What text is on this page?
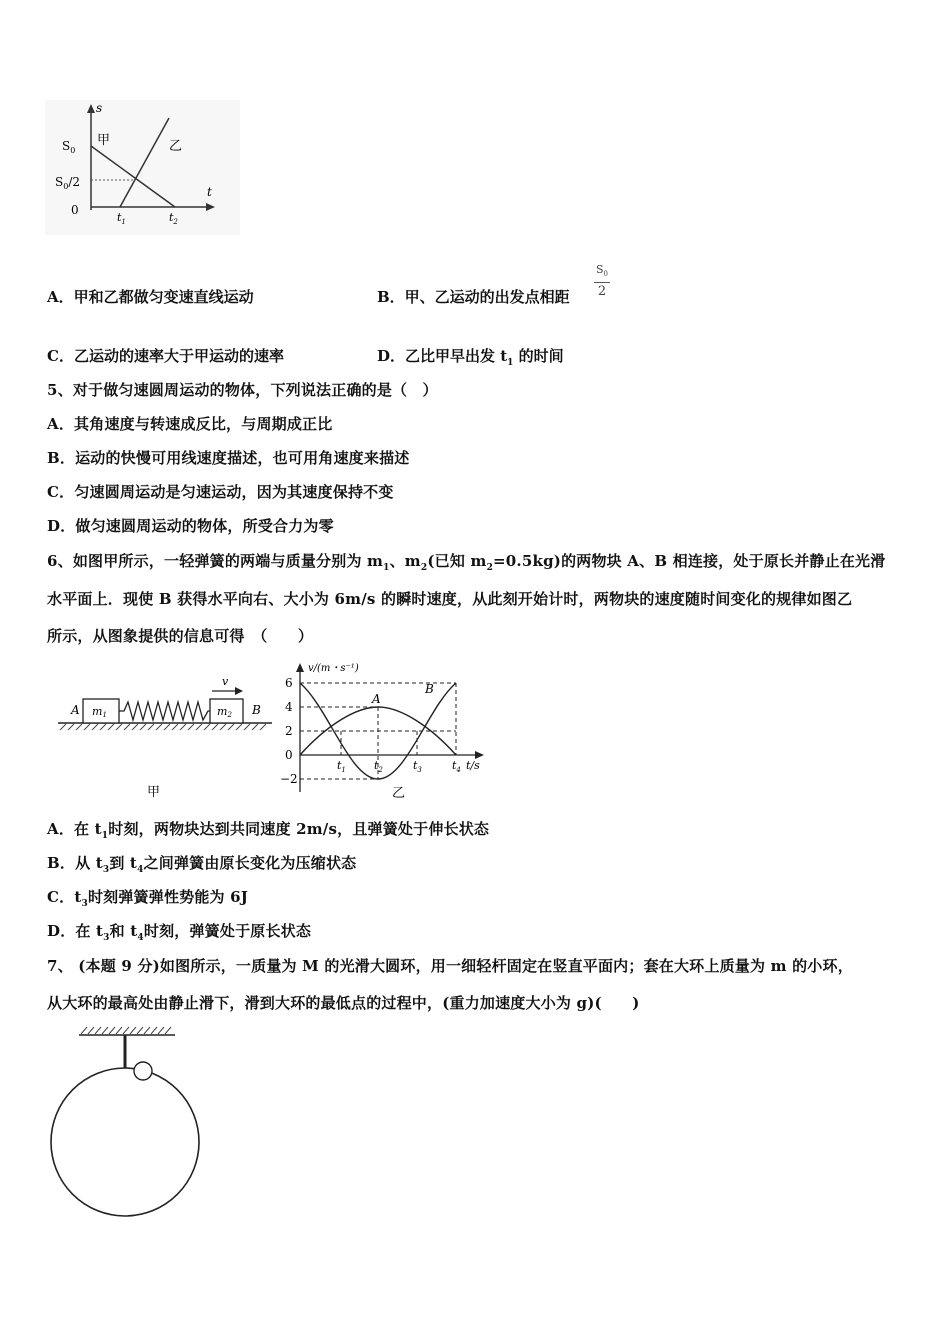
s
t
$S_0$
$S_0/2$
0
甲	乙
$t_1$	$t_2$
A．甲和乙都做匀变速直线运动	B．甲、乙运动的出发点相距
$S_0$
2
C．乙运动的速率大于甲运动的速率	D．乙比甲早出发 $t_1$ 的时间
5、对于做匀速圆周运动的物体，下列说法正确的是（　）
A．其角速度与转速成反比，与周期成正比
B．运动的快慢可用线速度描述，也可用角速度来描述
C．匀速圆周运动是匀速运动，因为其速度保持不变
D．做匀速圆周运动的物体，所受合力为零
6、如图甲所示，一轻弹簧的两端与质量分别为 $m_1$、$m_2$(已知 $m_2=0.5kg$)的两物块 A、B 相连接，处于原长并静止在光滑
水平面上．现使 B 获得水平向右、大小为 6m/s 的瞬时速度，从此刻开始计时，两物块的速度随时间变化的规律如图乙
所示，从图象提供的信息可得　（　　）
m1	m2
A	B
v
甲
v/(m・s⁻¹)
t/s
6
4
2
0
−2
A
B
$t_1$	$t_2$	$t_3$	$t_4$
乙
A．在 $t_1$时刻，两物块达到共同速度 2m/s，且弹簧处于伸长状态
B．从 $t_3$到 $t_4$之间弹簧由原长变化为压缩状态
C．$t_3$时刻弹簧弹性势能为 6J
D．在 $t_3$和 $t_4$时刻，弹簧处于原长状态
7、 (本题 9 分)如图所示，一质量为 M 的光滑大圆环，用一细轻杆固定在竖直平面内；套在大环上质量为 m 的小环，
从大环的最高处由静止滑下，滑到大环的最低点的过程中，(重力加速度大小为 g)(　　)
